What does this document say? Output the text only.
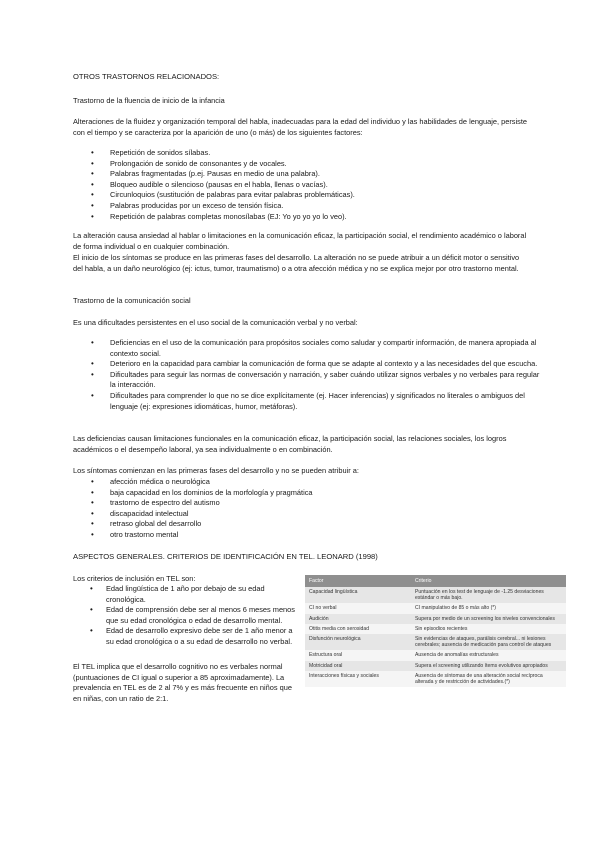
OTROS TRASTORNOS RELACIONADOS:

Trastorno de la fluencia de inicio de la infancia

Alteraciones de la fluidez y organización temporal del habla, inadecuadas para la edad del individuo y las habilidades de lenguaje, persiste con el tiempo y se caracteriza por la aparición de uno (o más) de los siguientes factores:

• Repetición de sonidos sílabas.
• Prolongación de sonido de consonantes y de vocales.
• Palabras fragmentadas (p.ej. Pausas en medio de una palabra).
• Bloqueo audible o silencioso (pausas en el habla, llenas o vacías).
• Circunloquios (sustitución de palabras para evitar palabras problemáticas).
• Palabras producidas por un exceso de tensión física.
• Repetición de palabras completas monosílabas (EJ: Yo yo yo yo lo veo).

La alteración causa ansiedad al hablar o limitaciones en la comunicación eficaz, la participación social, el rendimiento académico o laboral de forma individual o en cualquier combinación.

El inicio de los síntomas se produce en las primeras fases del desarrollo. La alteración no se puede atribuir a un déficit motor o sensitivo del habla, a un daño neurológico (ej: ictus, tumor, traumatismo) o a otra afección médica y no se explica mejor por otro trastorno mental.

Trastorno de la comunicación social

Es una dificultades persistentes en el uso social de la comunicación verbal y no verbal:

• Deficiencias en el uso de la comunicación para propósitos sociales como saludar y compartir información, de manera apropiada al contexto social.
• Deterioro en la capacidad para cambiar la comunicación de forma que se adapte al contexto y a las necesidades del que escucha.
• Dificultades para seguir las normas de conversación y narración, y saber cuándo utilizar signos verbales y no verbales para regular la interacción.
• Dificultades para comprender lo que no se dice explícitamente (ej. Hacer inferencias) y significados no literales o ambiguos del lenguaje (ej: expresiones idiomáticas, humor, metáforas).

Las deficiencias causan limitaciones funcionales en la comunicación eficaz, la participación social, las relaciones sociales, los logros académicos o el desempeño laboral, ya sea individualmente o en combinación.

Los síntomas comienzan en las primeras fases del desarrollo y no se pueden atribuir a:

• afección médica o neurológica
• baja capacidad en los dominios de la morfología y pragmática
• trastorno de espectro del autismo
• discapacidad intelectual
• retraso global del desarrollo
• otro trastorno mental

ASPECTOS GENERALES. CRITERIOS DE IDENTIFICACIÓN EN TEL. LEONARD (1998)

Los criterios de inclusión en TEL son:

• Edad lingüística de 1 año por debajo de su edad cronológica.
• Edad de comprensión debe ser al menos 6 meses menos que su edad cronológica o edad de desarrollo mental.
• Edad de desarrollo expresivo debe ser de 1 año menor a su edad cronológica o a su edad de desarrollo no verbal.

El TEL implica que el desarrollo cognitivo no es verbales normal (puntuaciones de CI igual o superior a 85 aproximadamente). La prevalencia en TEL es de 2 al 7% y es más frecuente en niños que en niñas, con un ratio de 2:1.

Factor	Criterio
Capacidad lingüística	Puntuación en los test de lenguaje de -1.25 desviaciones estándar o más bajo.
CI no verbal	CI manipulativo de 85 o más alto (*)
Audición	Supera por medio de un screening los niveles convencionales
Otitis media con serosidad	Sin episodios recientes
Disfunción neurológica	Sin evidencias de ataques, parálisis cerebral... ni lesiones cerebrales; ausencia de medicación para control de ataques
Estructura oral	Ausencia de anomalías estructurales
Motricidad oral	Supera el screening utilizando ítems evolutivos apropiados
Interacciones físicas y sociales	Ausencia de síntomas de una alteración social recíproca alterada y de restricción de actividades.(*)
